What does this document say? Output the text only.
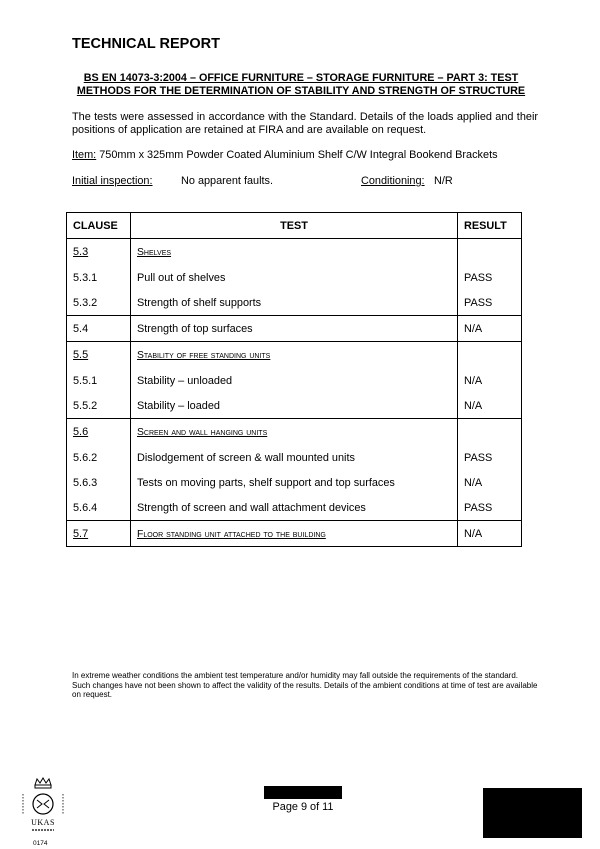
TECHNICAL REPORT
BS EN 14073-3:2004 – OFFICE FURNITURE – STORAGE FURNITURE – PART 3: TEST METHODS FOR THE DETERMINATION OF STABILITY AND STRENGTH OF STRUCTURE
The tests were assessed in accordance with the Standard. Details of the loads applied and their positions of application are retained at FIRA and are available on request.
Item: 750mm x 325mm Powder Coated Aluminium Shelf C/W Integral Bookend Brackets
Initial inspection:	No apparent faults.	Conditioning: N/R
CLAUSE	TEST	RESULT
5.3	Shelves	
5.3.1	Pull out of shelves	PASS
5.3.2	Strength of shelf supports	PASS
5.4	Strength of top surfaces	N/A
5.5	Stability of free standing units	
5.5.1	Stability – unloaded	N/A
5.5.2	Stability – loaded	N/A
5.6	Screen and wall hanging units	
5.6.2	Dislodgement of screen & wall mounted units	PASS
5.6.3	Tests on moving parts, shelf support and top surfaces	N/A
5.6.4	Strength of screen and wall attachment devices	PASS
5.7	Floor standing unit attached to the building	N/A
In extreme weather conditions the ambient test temperature and/or humidity may fall outside the requirements of the standard. Such changes have not been shown to affect the validity of the results. Details of the ambient conditions at time of test are available on request.
Page 9 of 11
UKAS
0174
